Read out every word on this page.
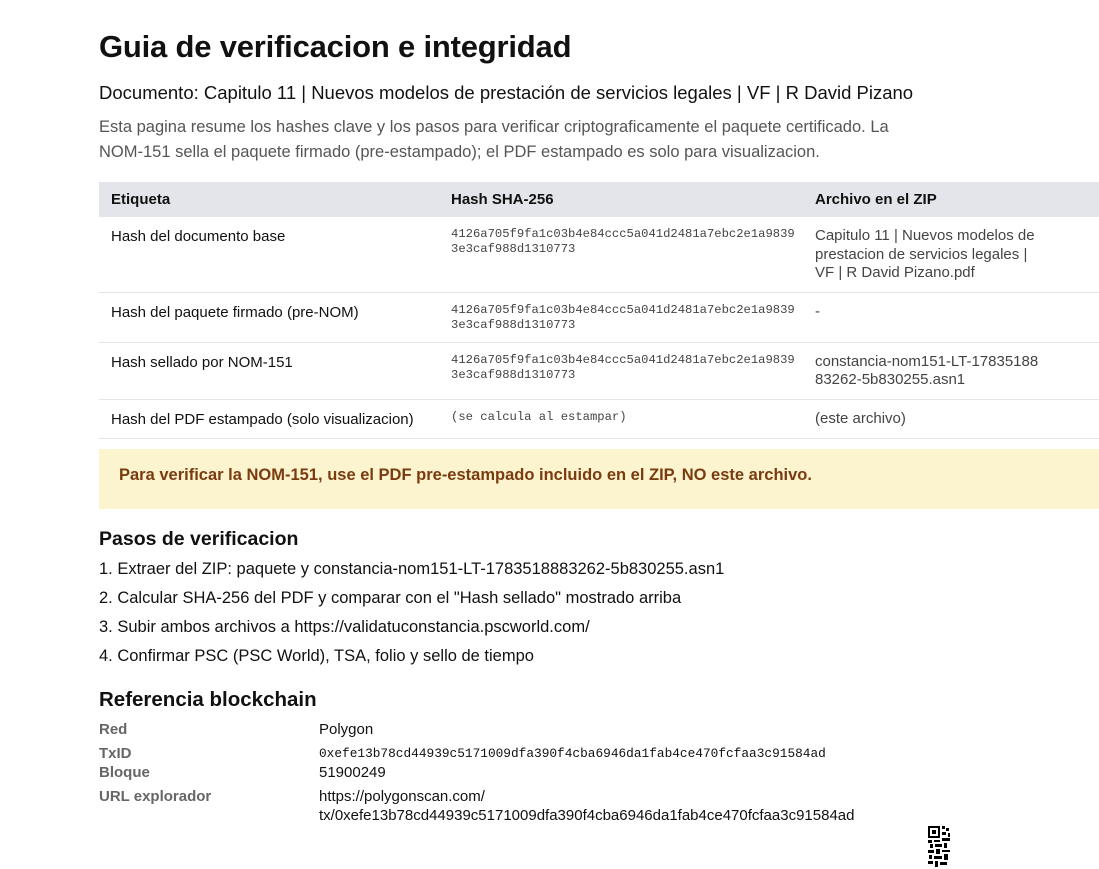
Guia de verificacion e integridad
Documento: Capitulo 11 | Nuevos modelos de prestación de servicios legales | VF | R David Pizano
Esta pagina resume los hashes clave y los pasos para verificar criptograficamente el paquete certificado. La
NOM-151 sella el paquete firmado (pre-estampado); el PDF estampado es solo para visualizacion.
Etiqueta	Hash SHA-256	Archivo en el ZIP
Hash del documento base	4126a705f9fa1c03b4e84ccc5a041d2481a7ebc2e1a98393e3caf988d1310773	Capitulo 11 | Nuevos modelos de
prestacion de servicios legales |
VF | R David Pizano.pdf

Hash del paquete firmado (pre-NOM)	4126a705f9fa1c03b4e84ccc5a041d2481a7ebc2e1a98393e3caf988d1310773	-

Hash sellado por NOM-151	4126a705f9fa1c03b4e84ccc5a041d2481a7ebc2e1a98393e3caf988d1310773	constancia-nom151-LT-17835188
83262-5b830255.asn1

Hash del PDF estampado (solo visualizacion)	(se calcula al estampar)	(este archivo)
Para verificar la NOM-151, use el PDF pre-estampado incluido en el ZIP, NO este archivo.
Pasos de verificacion
1. Extraer del ZIP: paquete y constancia-nom151-LT-1783518883262-5b830255.asn1
2. Calcular SHA-256 del PDF y comparar con el "Hash sellado" mostrado arriba
3. Subir ambos archivos a https://validatuconstancia.pscworld.com/
4. Confirmar PSC (PSC World), TSA, folio y sello de tiempo
Referencia blockchain
Red	Polygon
TxID	0xefe13b78cd44939c5171009dfa390f4cba6946da1fab4ce470fcfaa3c91584ad
Bloque	51900249
URL explorador	https://polygonscan.com/
tx/0xefe13b78cd44939c5171009dfa390f4cba6946da1fab4ce470fcfaa3c91584ad
